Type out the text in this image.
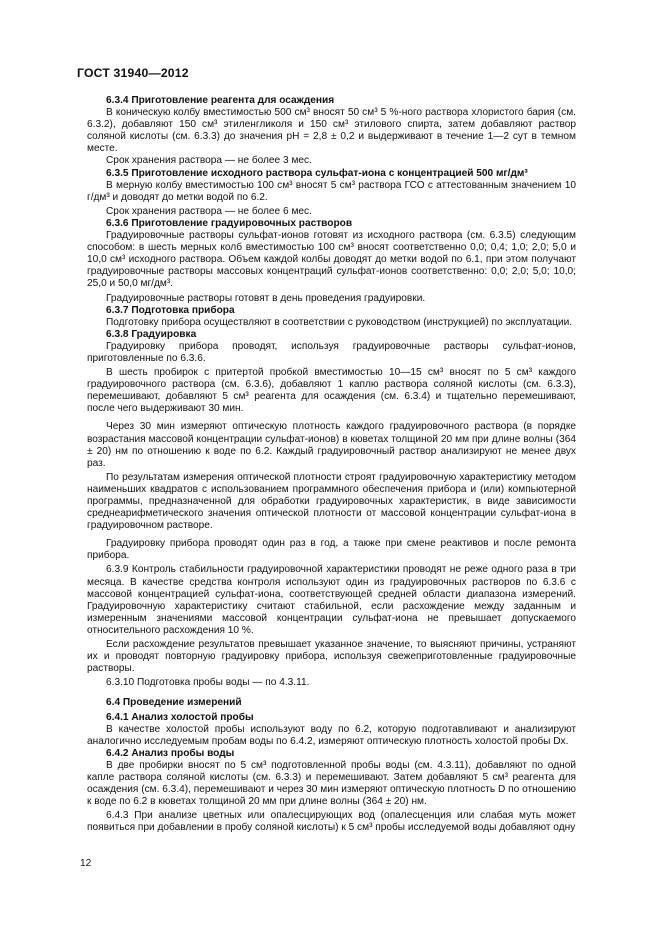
ГОСТ 31940—2012

6.3.4 Приготовление реагента для осаждения

В коническую колбу вместимостью 500 см³ вносят 50 см³ 5 %-ного раствора хлористого бария (см. 6.3.2), добавляют 150 см³ этиленгликоля и 150 см³ этилового спирта, затем добавляют раствор соляной кислоты (см. 6.3.3) до значения pH = 2,8 ± 0,2 и выдерживают в течение 1—2 сут в темном месте.

Срок хранения раствора — не более 3 мес.

6.3.5 Приготовление исходного раствора сульфат-иона с концентрацией 500 мг/дм³

В мерную колбу вместимостью 100 см³ вносят 5 см³ раствора ГСО с аттестованным значением 10 г/дм³ и доводят до метки водой по 6.2.

Срок хранения раствора — не более 6 мес.

6.3.6 Приготовление градуировочных растворов

Градуировочные растворы сульфат-ионов готовят из исходного раствора (см. 6.3.5) следующим способом: в шесть мерных колб вместимостью 100 см³ вносят соответственно 0,0; 0,4; 1,0; 2,0; 5,0 и 10,0 см³ исходного раствора. Объем каждой колбы доводят до метки водой по 6.1, при этом получают градуировочные растворы массовых концентраций сульфат-ионов соответственно: 0,0; 2,0; 5,0; 10,0; 25,0 и 50,0 мг/дм³.

Градуировочные растворы готовят в день проведения градуировки.

6.3.7 Подготовка прибора

Подготовку прибора осуществляют в соответствии с руководством (инструкцией) по эксплуатации.

6.3.8 Градуировка

Градуировку прибора проводят, используя градуировочные растворы сульфат-ионов, приготовленные по 6.3.6.

В шесть пробирок с притертой пробкой вместимостью 10—15 см³ вносят по 5 см³ каждого градуировочного раствора (см. 6.3.6), добавляют 1 каплю раствора соляной кислоты (см. 6.3.3), перемешивают, добавляют 5 см³ реагента для осаждения (см. 6.3.4) и тщательно перемешивают, после чего выдерживают 30 мин.

Через 30 мин измеряют оптическую плотность каждого градуировочного раствора (в порядке возрастания массовой концентрации сульфат-ионов) в кюветах толщиной 20 мм при длине волны (364 ± 20) нм по отношению к воде по 6.2. Каждый градуировочный раствор анализируют не менее двух раз.

По результатам измерения оптической плотности строят градуировочную характеристику методом наименьших квадратов с использованием программного обеспечения прибора и (или) компьютерной программы, предназначенной для обработки градуировочных характеристик, в виде зависимости среднеарифметического значения оптической плотности от массовой концентрации сульфат-иона в градуировочном растворе.

Градуировку прибора проводят один раз в год, а также при смене реактивов и после ремонта прибора.

6.3.9 Контроль стабильности градуировочной характеристики проводят не реже одного раза в три месяца. В качестве средства контроля используют один из градуировочных растворов по 6.3.6 с массовой концентрацией сульфат-иона, соответствующей средней области диапазона измерений. Градуировочную характеристику считают стабильной, если расхождение между заданным и измеренным значениями массовой концентрации сульфат-иона не превышает допускаемого относительного расхождения 10 %.

Если расхождение результатов превышает указанное значение, то выясняют причины, устраняют их и проводят повторную градуировку прибора, используя свежеприготовленные градуировочные растворы.

6.3.10 Подготовка пробы воды — по 4.3.11.

6.4 Проведение измерений

6.4.1 Анализ холостой пробы

В качестве холостой пробы используют воду по 6.2, которую подготавливают и анализируют аналогично исследуемым пробам воды по 6.4.2, измеряют оптическую плотность холостой пробы Dx.

6.4.2 Анализ пробы воды

В две пробирки вносят по 5 см³ подготовленной пробы воды (см. 4.3.11), добавляют по одной капле раствора соляной кислоты (см. 6.3.3) и перемешивают. Затем добавляют 5 см³ реагента для осаждения (см. 6.3.4), перемешивают и через 30 мин измеряют оптическую плотность D по отношению к воде по 6.2 в кюветах толщиной 20 мм при длине волны (364 ± 20) нм.

6.4.3 При анализе цветных или опалесцирующих вод (опалесценция или слабая муть может появиться при добавлении в пробу соляной кислоты) к 5 см³ пробы исследуемой воды добавляют одну

12
